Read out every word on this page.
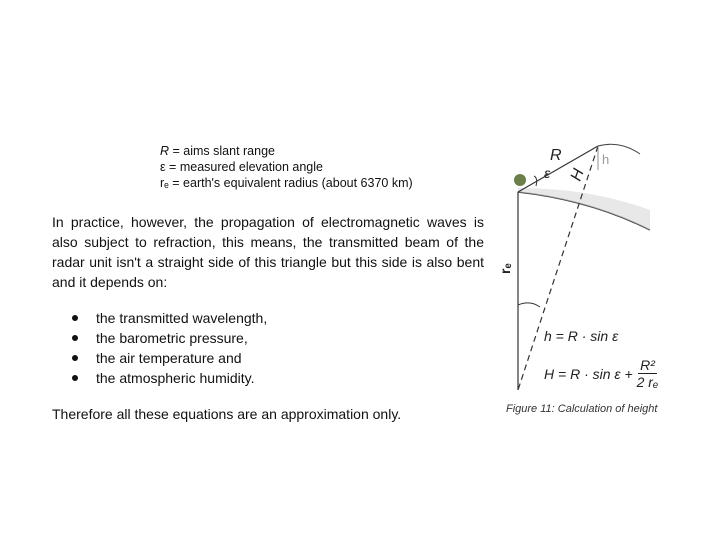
R = aims slant range
ε = measured elevation angle
rₑ = earth's equivalent radius (about 6370 km)

In practice, however, the propagation of electromagnetic waves is also subject to refraction, this means, the transmitted beam of the radar unit isn't a straight side of this triangle but this side is also bent and it depends on:

the transmitted wavelength,
the barometric pressure,
the air temperature and
the atmospheric humidity.
Therefore all these equations are an approximation only.
R
ε H
h
rₑ
h = R · sin ε
$H = R \cdot \sin \varepsilon + \frac{\text{R²}}{\text{2 rₑ}}$
Figure 11: Calculation of height
